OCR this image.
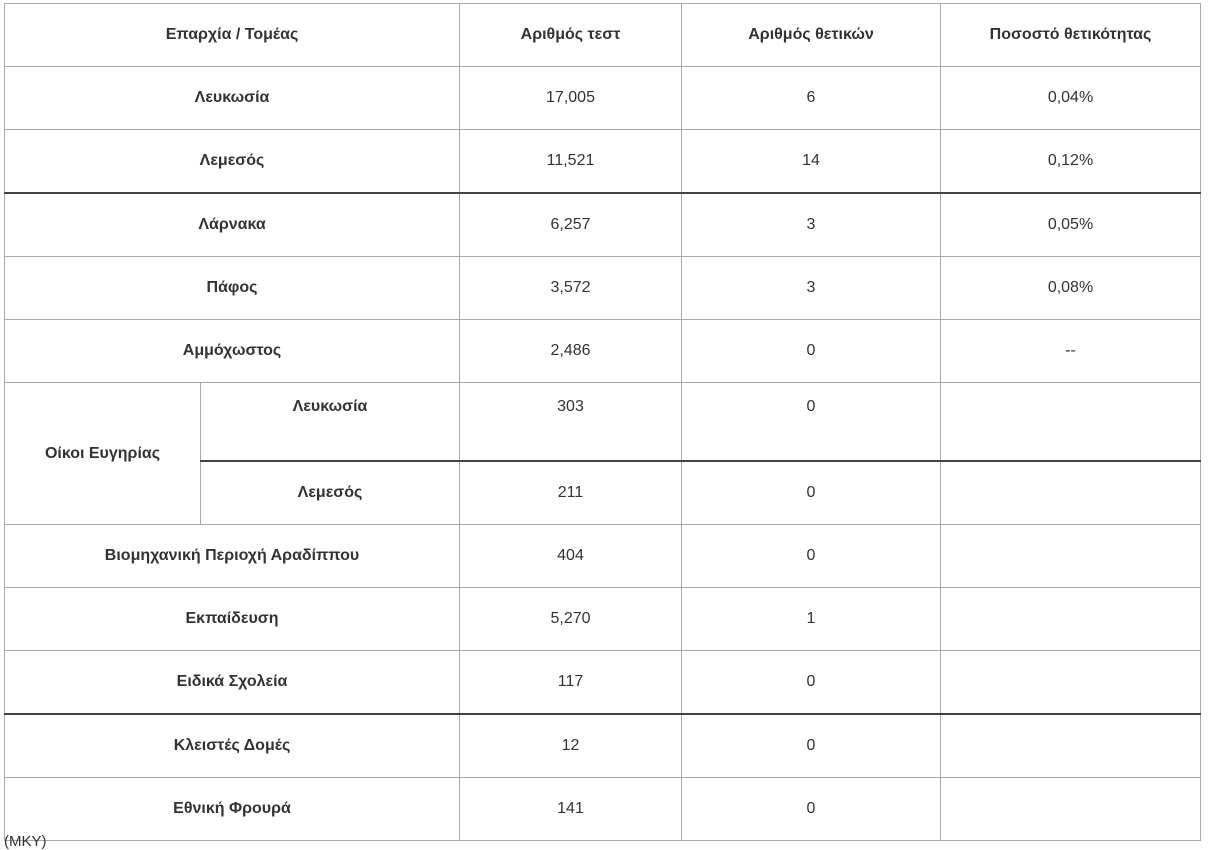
Επαρχία / Τομέας		Αριθμός τεστ	Αριθμός θετικών	Ποσοστό θετικότητας
Λευκωσία		17,005	6	0,04%
Λεμεσός		11,521	14	0,12%
Λάρνακα		6,257	3	0,05%
Πάφος		3,572	3	0,08%
Αμμόχωστος		2,486	0	--
Οίκοι Ευγηρίας	Λευκωσία	303	0	
	Λεμεσός	211	0	
Βιομηχανική Περιοχή Αραδίππου		404	0	
Εκπαίδευση		5,270	1	
Ειδικά Σχολεία		117	0	
Κλειστές Δομές		12	0	
Εθνική Φρουρά		141	0	
(ΜΚΥ)
